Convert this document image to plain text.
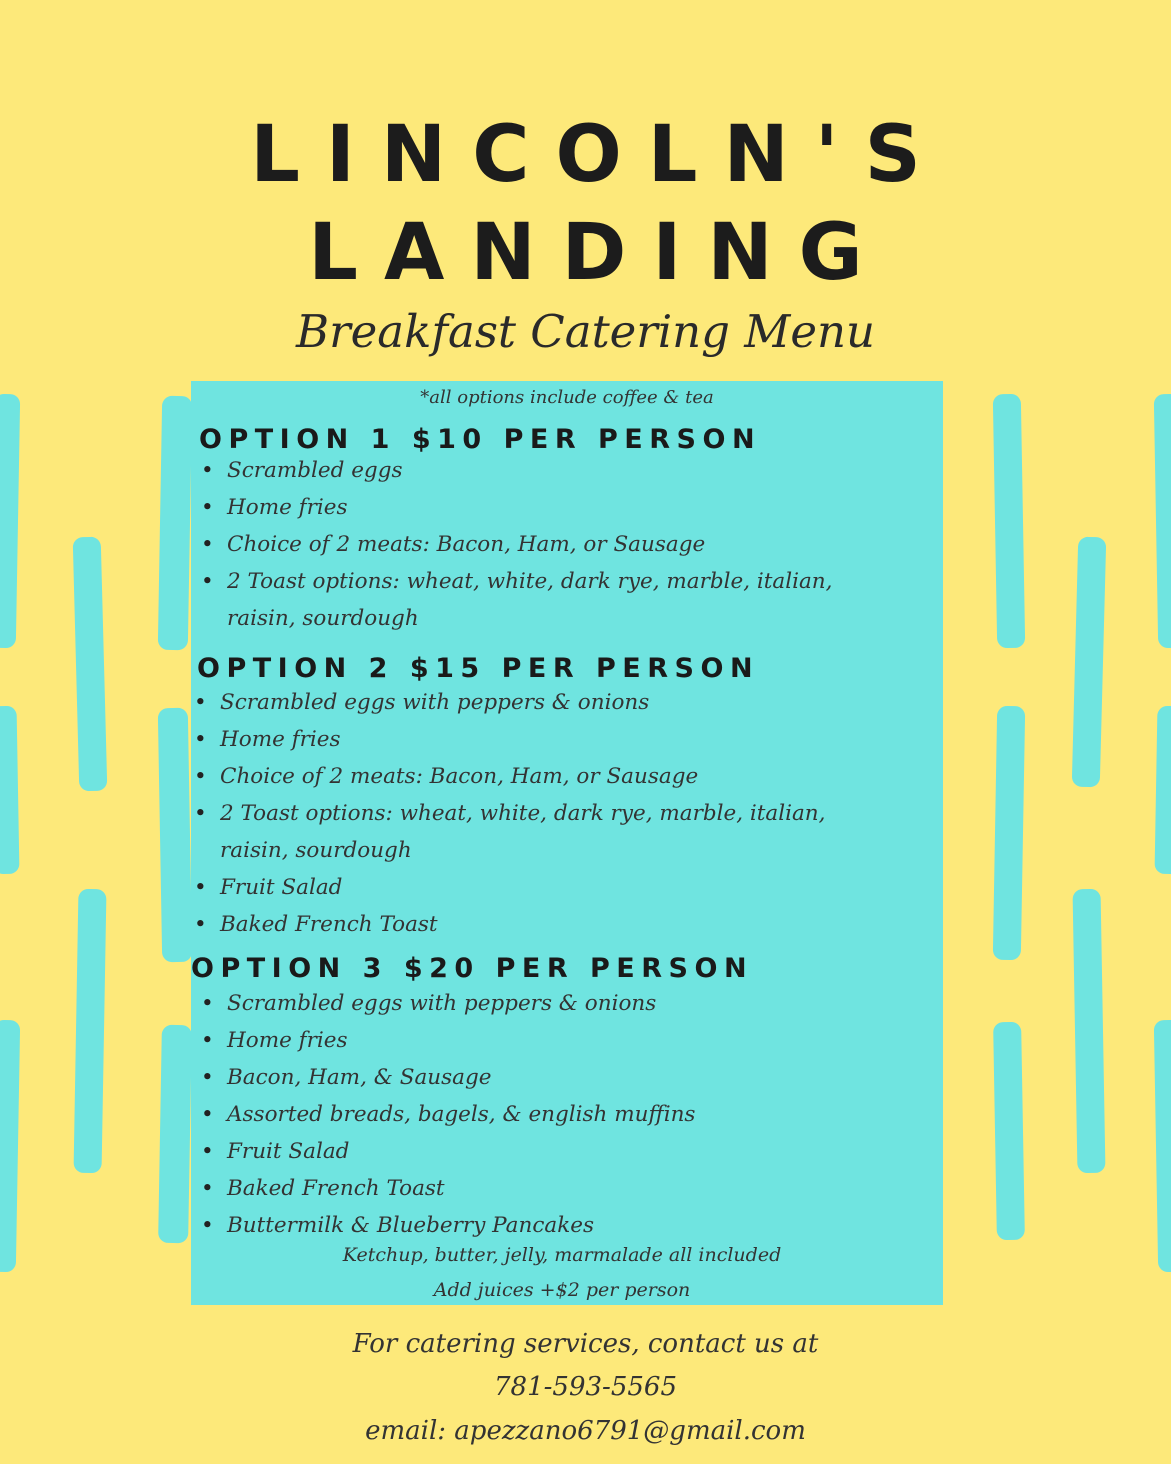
LINCOLN'S
LANDING
Breakfast Catering Menu
*all options include coffee & tea
OPTION 1 $10 PER PERSON
• Scrambled eggs
• Home fries
• Choice of 2 meats: Bacon, Ham, or Sausage
• 2 Toast options: wheat, white, dark rye, marble, italian, raisin, sourdough
OPTION 2 $15 PER PERSON
• Scrambled eggs with peppers & onions
• Home fries
• Choice of 2 meats: Bacon, Ham, or Sausage
• 2 Toast options: wheat, white, dark rye, marble, italian, raisin, sourdough
• Fruit Salad
• Baked French Toast
OPTION 3 $20 PER PERSON
• Scrambled eggs with peppers & onions
• Home fries
• Bacon, Ham, & Sausage
• Assorted breads, bagels, & english muffins
• Fruit Salad
• Baked French Toast
• Buttermilk & Blueberry Pancakes
Ketchup, butter, jelly, marmalade all included
Add juices +$2 per person
For catering services, contact us at
781-593-5565
email: apezzano6791@gmail.com
